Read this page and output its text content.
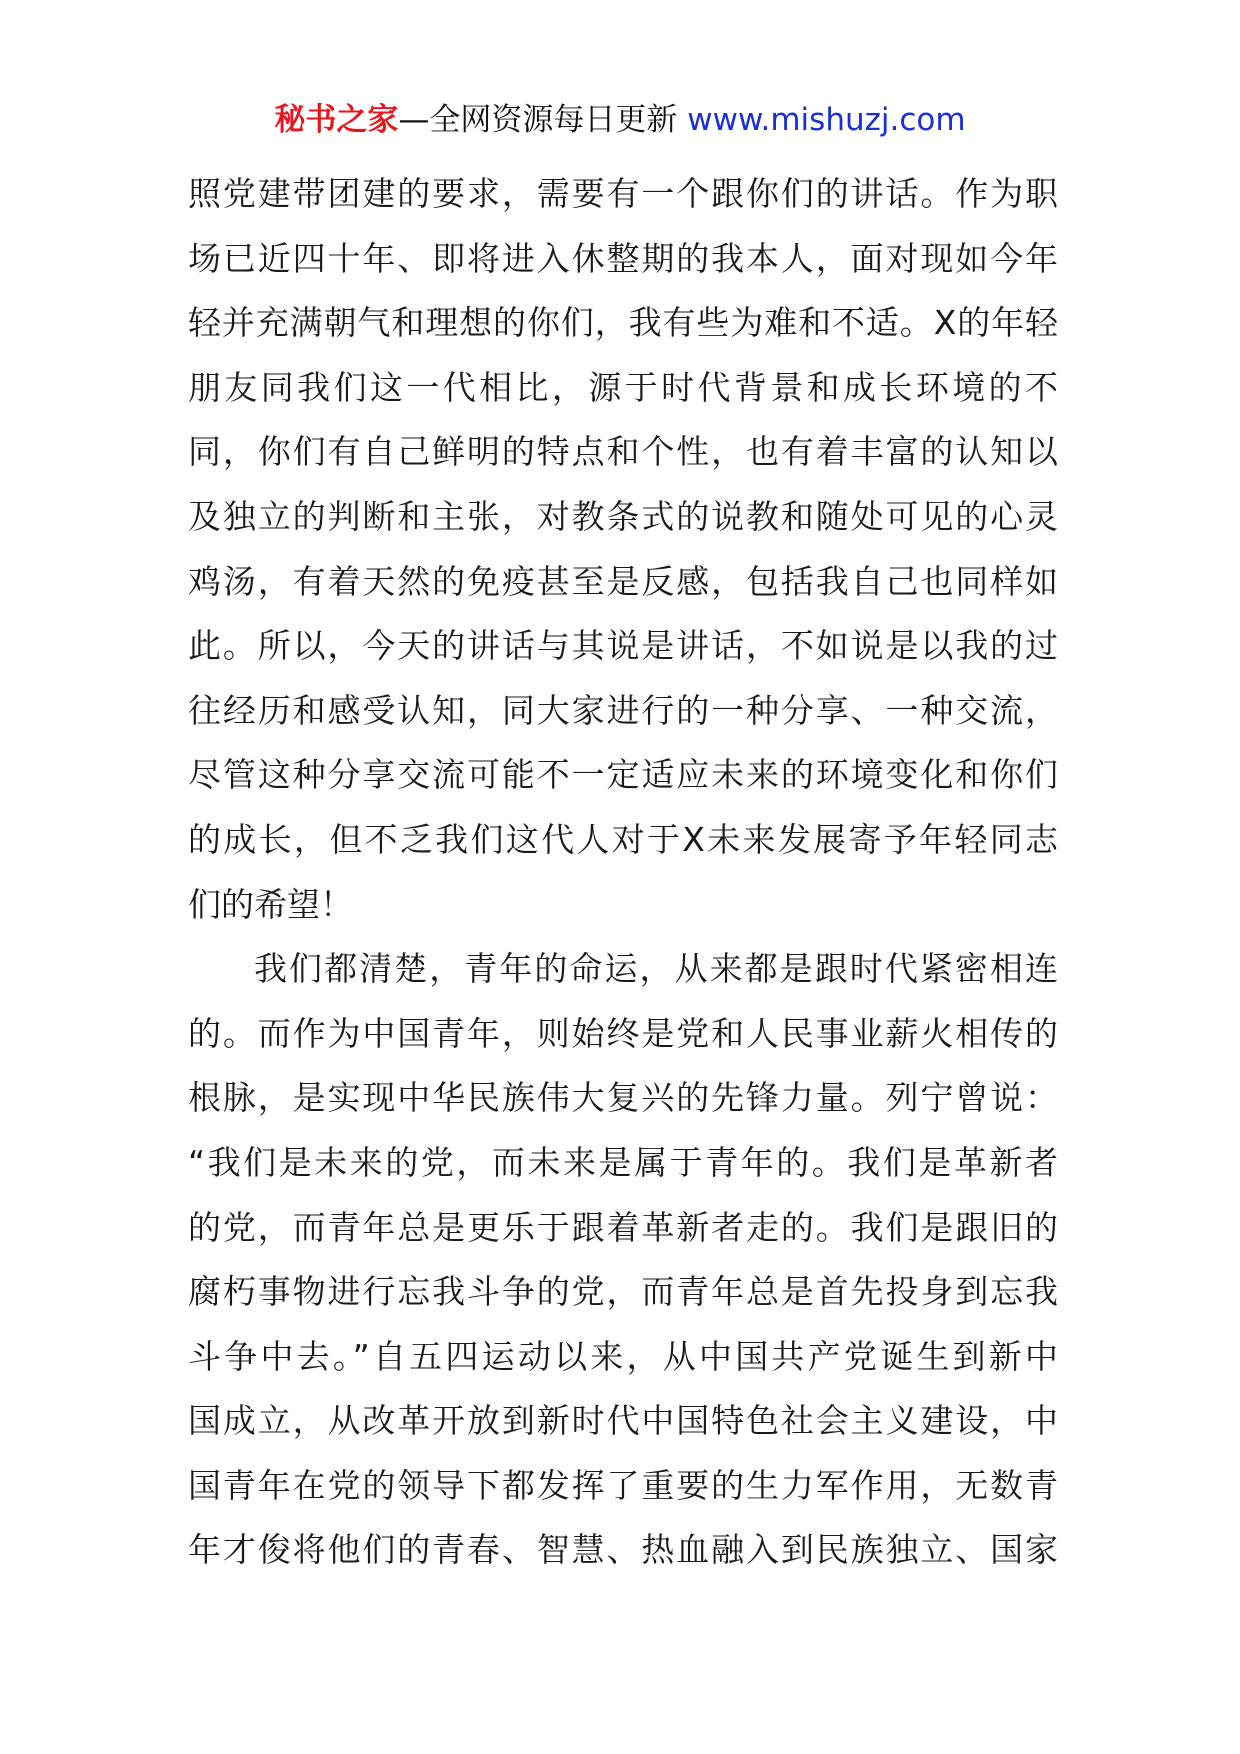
秘书之家—全网资源每日更新 www.mishuzj.com
照党建带团建的要求，需要有一个跟你们的讲话。作为职
场已近四十年、即将进入休整期的我本人，面对现如今年
轻并充满朝气和理想的你们，我有些为难和不适。X的年轻
朋友同我们这一代相比，源于时代背景和成长环境的不
同，你们有自己鲜明的特点和个性，也有着丰富的认知以
及独立的判断和主张，对教条式的说教和随处可见的心灵
鸡汤，有着天然的免疫甚至是反感，包括我自己也同样如
此。所以，今天的讲话与其说是讲话，不如说是以我的过
往经历和感受认知，同大家进行的一种分享、一种交流，
尽管这种分享交流可能不一定适应未来的环境变化和你们
的成长，但不乏我们这代人对于X未来发展寄予年轻同志
们的希望！
我们都清楚，青年的命运，从来都是跟时代紧密相连
的。而作为中国青年，则始终是党和人民事业薪火相传的
根脉，是实现中华民族伟大复兴的先锋力量。列宁曾说：
“我们是未来的党，而未来是属于青年的。我们是革新者
的党，而青年总是更乐于跟着革新者走的。我们是跟旧的
腐朽事物进行忘我斗争的党，而青年总是首先投身到忘我
斗争中去。”自五四运动以来，从中国共产党诞生到新中
国成立，从改革开放到新时代中国特色社会主义建设，中
国青年在党的领导下都发挥了重要的生力军作用，无数青
年才俊将他们的青春、智慧、热血融入到民族独立、国家
